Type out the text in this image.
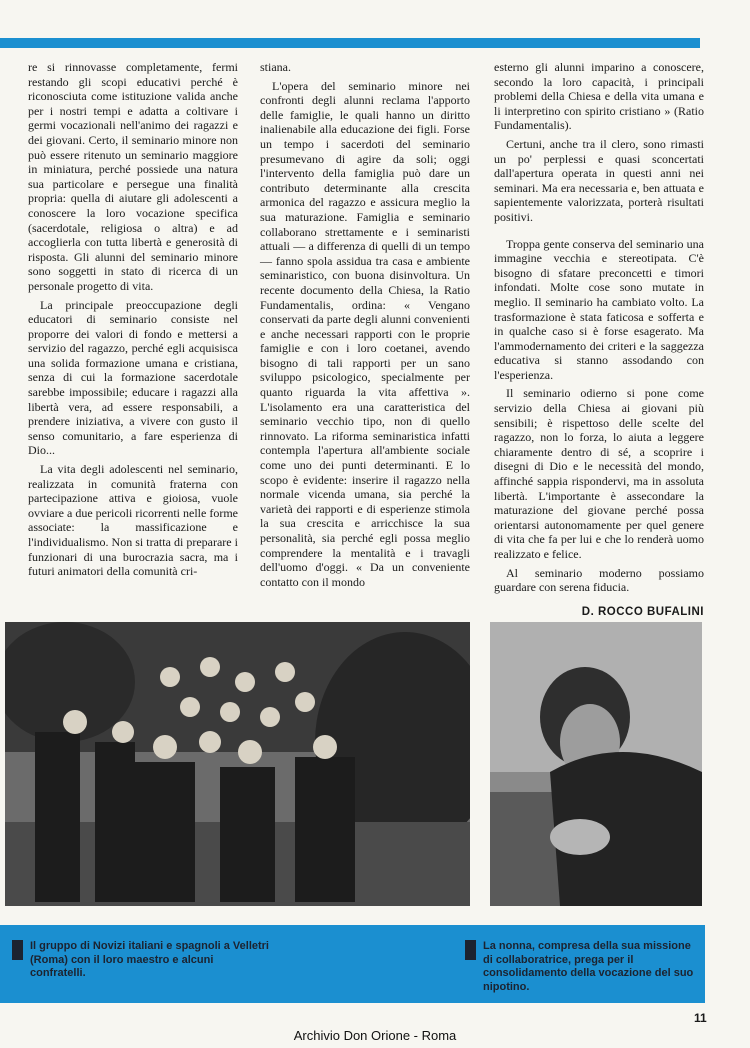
re si rinnovasse completamente, fermi restando gli scopi educativi perché è riconosciuta come istituzione valida anche per i nostri tempi e adatta a coltivare i germi vocazionali nell'animo dei ragazzi e dei giovani. Certo, il seminario minore non può essere ritenuto un seminario maggiore in miniatura, perché possiede una natura sua particolare e persegue una finalità propria: quella di aiutare gli adolescenti a conoscere la loro vocazione specifica (sacerdotale, religiosa o altra) e ad accoglierla con tutta libertà e generosità di risposta. Gli alunni del seminario minore sono soggetti in stato di ricerca di un personale progetto di vita.

La principale preoccupazione degli educatori di seminario consiste nel proporre dei valori di fondo e mettersi a servizio del ragazzo, perché egli acquisisca una solida formazione umana e cristiana, senza di cui la formazione sacerdotale sarebbe impossibile; educare i ragazzi alla libertà vera, ad essere responsabili, a prendere iniziativa, a vivere con gusto il senso comunitario, a fare esperienza di Dio...

La vita degli adolescenti nel seminario, realizzata in comunità fraterna con partecipazione attiva e gioiosa, vuole ovviare a due pericoli ricorrenti nelle forme associate: la massificazione e l'individualismo. Non si tratta di preparare i funzionari di una burocrazia sacra, ma i futuri animatori della comunità cri-

stiana.

L'opera del seminario minore nei confronti degli alunni reclama l'apporto delle famiglie, le quali hanno un diritto inalienabile alla educazione dei figli. Forse un tempo i sacerdoti del seminario presumevano di agire da soli; oggi l'intervento della famiglia può dare un contributo determinante alla crescita armonica del ragazzo e assicura meglio la sua maturazione. Famiglia e seminario collaborano strettamente e i seminaristi attuali — a differenza di quelli di un tempo — fanno spola assidua tra casa e ambiente seminaristico, con buona disinvoltura. Un recente documento della Chiesa, la Ratio Fundamentalis, ordina: « Vengano conservati da parte degli alunni convenienti e anche necessari rapporti con le proprie famiglie e con i loro coetanei, avendo bisogno di tali rapporti per un sano sviluppo psicologico, specialmente per quanto riguarda la vita affettiva ». L'isolamento era una caratteristica del seminario vecchio tipo, non di quello rinnovato. La riforma seminaristica infatti contempla l'apertura all'ambiente sociale come uno dei punti determinanti. E lo scopo è evidente: inserire il ragazzo nella normale vicenda umana, sia perché la varietà dei rapporti e di esperienze stimola la sua crescita e arricchisce la sua personalità, sia perché egli possa meglio comprendere la mentalità e i travagli dell'uomo d'oggi. « Da un conveniente contatto con il mondo

esterno gli alunni imparino a conoscere, secondo la loro capacità, i principali problemi della Chiesa e della vita umana e li interpretino con spirito cristiano » (Ratio Fundamentalis).

Certuni, anche tra il clero, sono rimasti un po' perplessi e quasi sconcertati dall'apertura operata in questi anni nei seminari. Ma era necessaria e, ben attuata e sapientemente valorizzata, porterà risultati positivi.

Troppa gente conserva del seminario una immagine vecchia e stereotipata. C'è bisogno di sfatare preconcetti e timori infondati. Molte cose sono mutate in meglio. Il seminario ha cambiato volto. La trasformazione è stata faticosa e sofferta e in qualche caso si è forse esagerato. Ma l'ammodernamento dei criteri e la saggezza educativa si stanno assodando con l'esperienza.

Il seminario odierno si pone come servizio della Chiesa ai giovani più sensibili; è rispettoso delle scelte del ragazzo, non lo forza, lo aiuta a leggere chiaramente dentro di sé, a scoprire i disegni di Dio e le necessità del mondo, affinché sappia rispondervi, ma in assoluta libertà. L'importante è assecondare la maturazione del giovane perché possa orientarsi autonomamente per quel genere di vita che fa per lui e che lo renderà uomo realizzato e felice.

Al seminario moderno possiamo guardare con serena fiducia.

D. ROCCO BUFALINI
Il gruppo di Novizi italiani e spagnoli a Velletri (Roma) con il loro maestro e alcuni confratelli.
La nonna, compresa della sua missione di collaboratrice, prega per il consolidamento della vocazione del suo nipotino.
11
Archivio Don Orione - Roma
